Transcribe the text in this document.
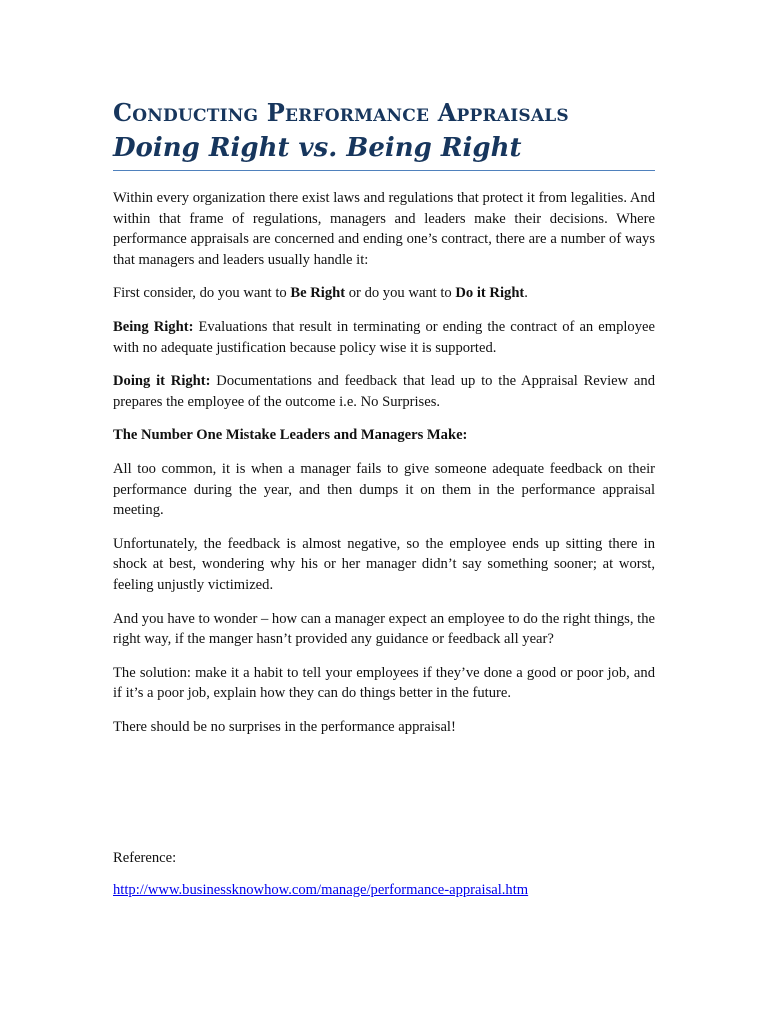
Conducting Performance Appraisals
Doing Right vs. Being Right

Within every organization there exist laws and regulations that protect it from legalities. And within that frame of regulations, managers and leaders make their decisions. Where performance appraisals are concerned and ending one’s contract, there are a number of ways that managers and leaders usually handle it:

First consider, do you want to Be Right or do you want to Do it Right.

Being Right: Evaluations that result in terminating or ending the contract of an employee with no adequate justification because policy wise it is supported.

Doing it Right: Documentations and feedback that lead up to the Appraisal Review and prepares the employee of the outcome i.e. No Surprises.

The Number One Mistake Leaders and Managers Make:

All too common, it is when a manager fails to give someone adequate feedback on their performance during the year, and then dumps it on them in the performance appraisal meeting.

Unfortunately, the feedback is almost negative, so the employee ends up sitting there in shock at best, wondering why his or her manager didn’t say something sooner; at worst, feeling unjustly victimized.

And you have to wonder – how can a manager expect an employee to do the right things, the right way, if the manger hasn’t provided any guidance or feedback all year?

The solution: make it a habit to tell your employees if they’ve done a good or poor job, and if it’s a poor job, explain how they can do things better in the future.

There should be no surprises in the performance appraisal!

Reference:
http://www.businessknowhow.com/manage/performance-appraisal.htm
